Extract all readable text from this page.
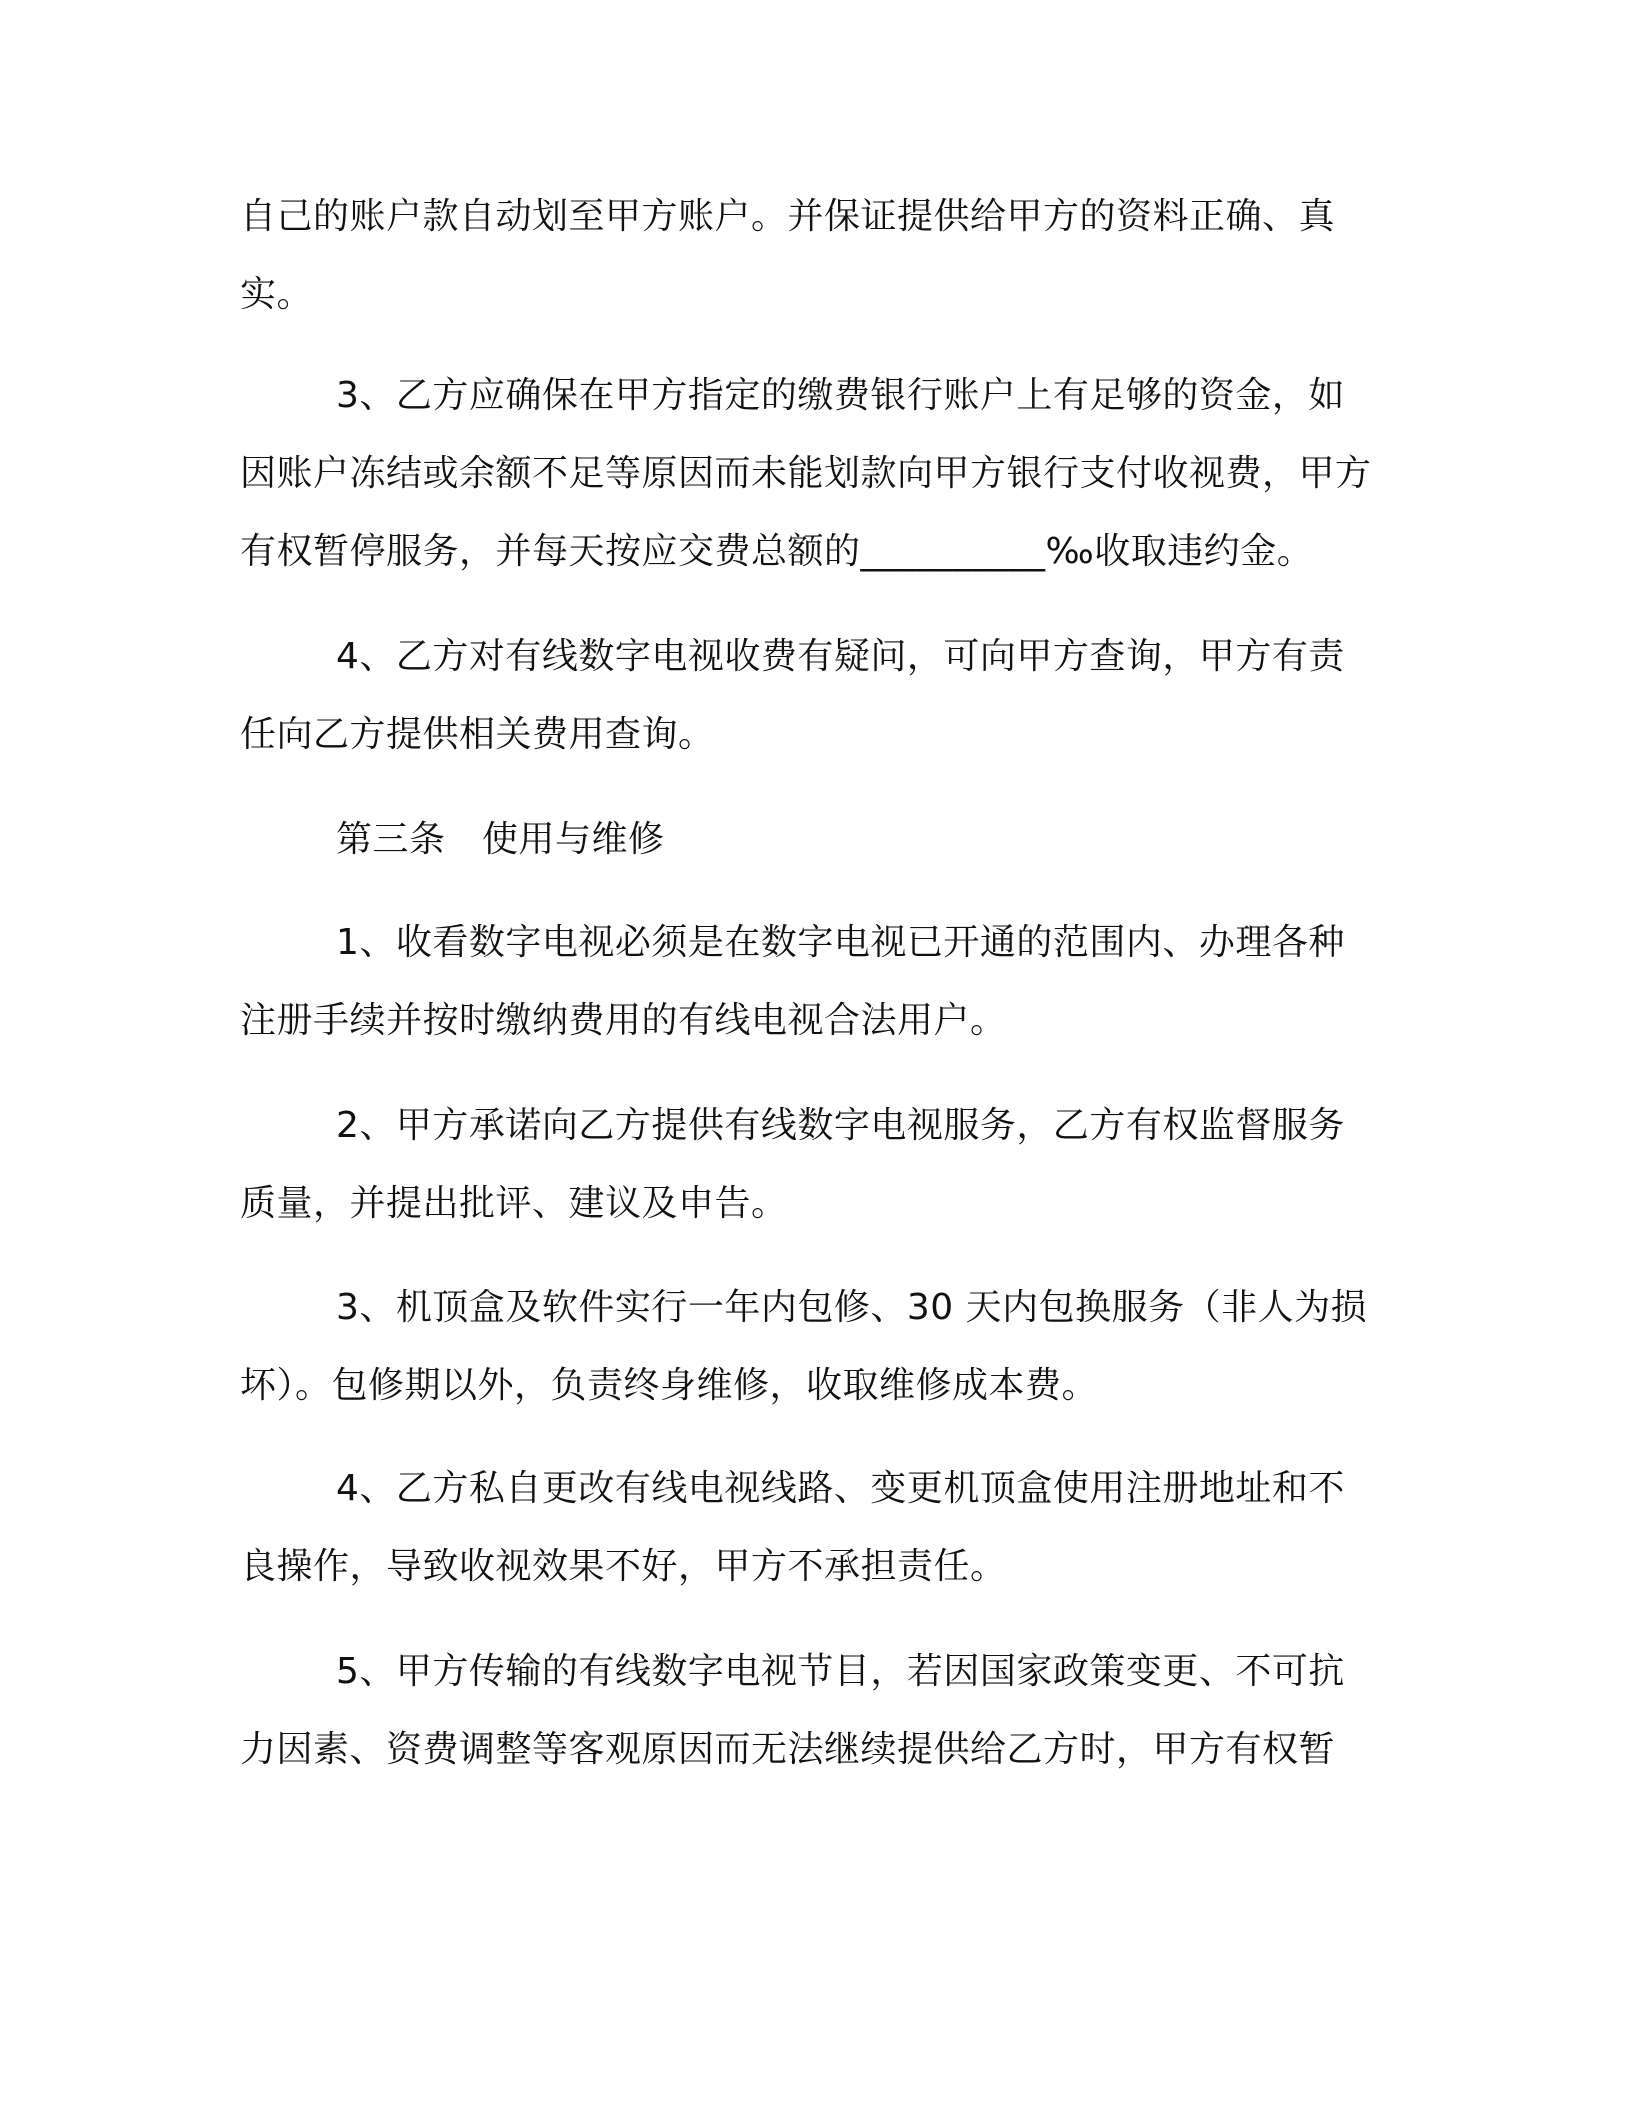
自己的账户款自动划至甲方账户。并保证提供给甲方的资料正确、真实。

3、乙方应确保在甲方指定的缴费银行账户上有足够的资金，如因账户冻结或余额不足等原因而未能划款向甲方银行支付收视费，甲方有权暂停服务，并每天按应交费总额的__________‰收取违约金。

4、乙方对有线数字电视收费有疑问，可向甲方查询，甲方有责任向乙方提供相关费用查询。

第三条　使用与维修

1、收看数字电视必须是在数字电视已开通的范围内、办理各种注册手续并按时缴纳费用的有线电视合法用户。

2、甲方承诺向乙方提供有线数字电视服务，乙方有权监督服务质量，并提出批评、建议及申告。

3、机顶盒及软件实行一年内包修、30 天内包换服务（非人为损坏）。包修期以外，负责终身维修，收取维修成本费。

4、乙方私自更改有线电视线路、变更机顶盒使用注册地址和不良操作，导致收视效果不好，甲方不承担责任。

5、甲方传输的有线数字电视节目，若因国家政策变更、不可抗力因素、资费调整等客观原因而无法继续提供给乙方时，甲方有权暂
